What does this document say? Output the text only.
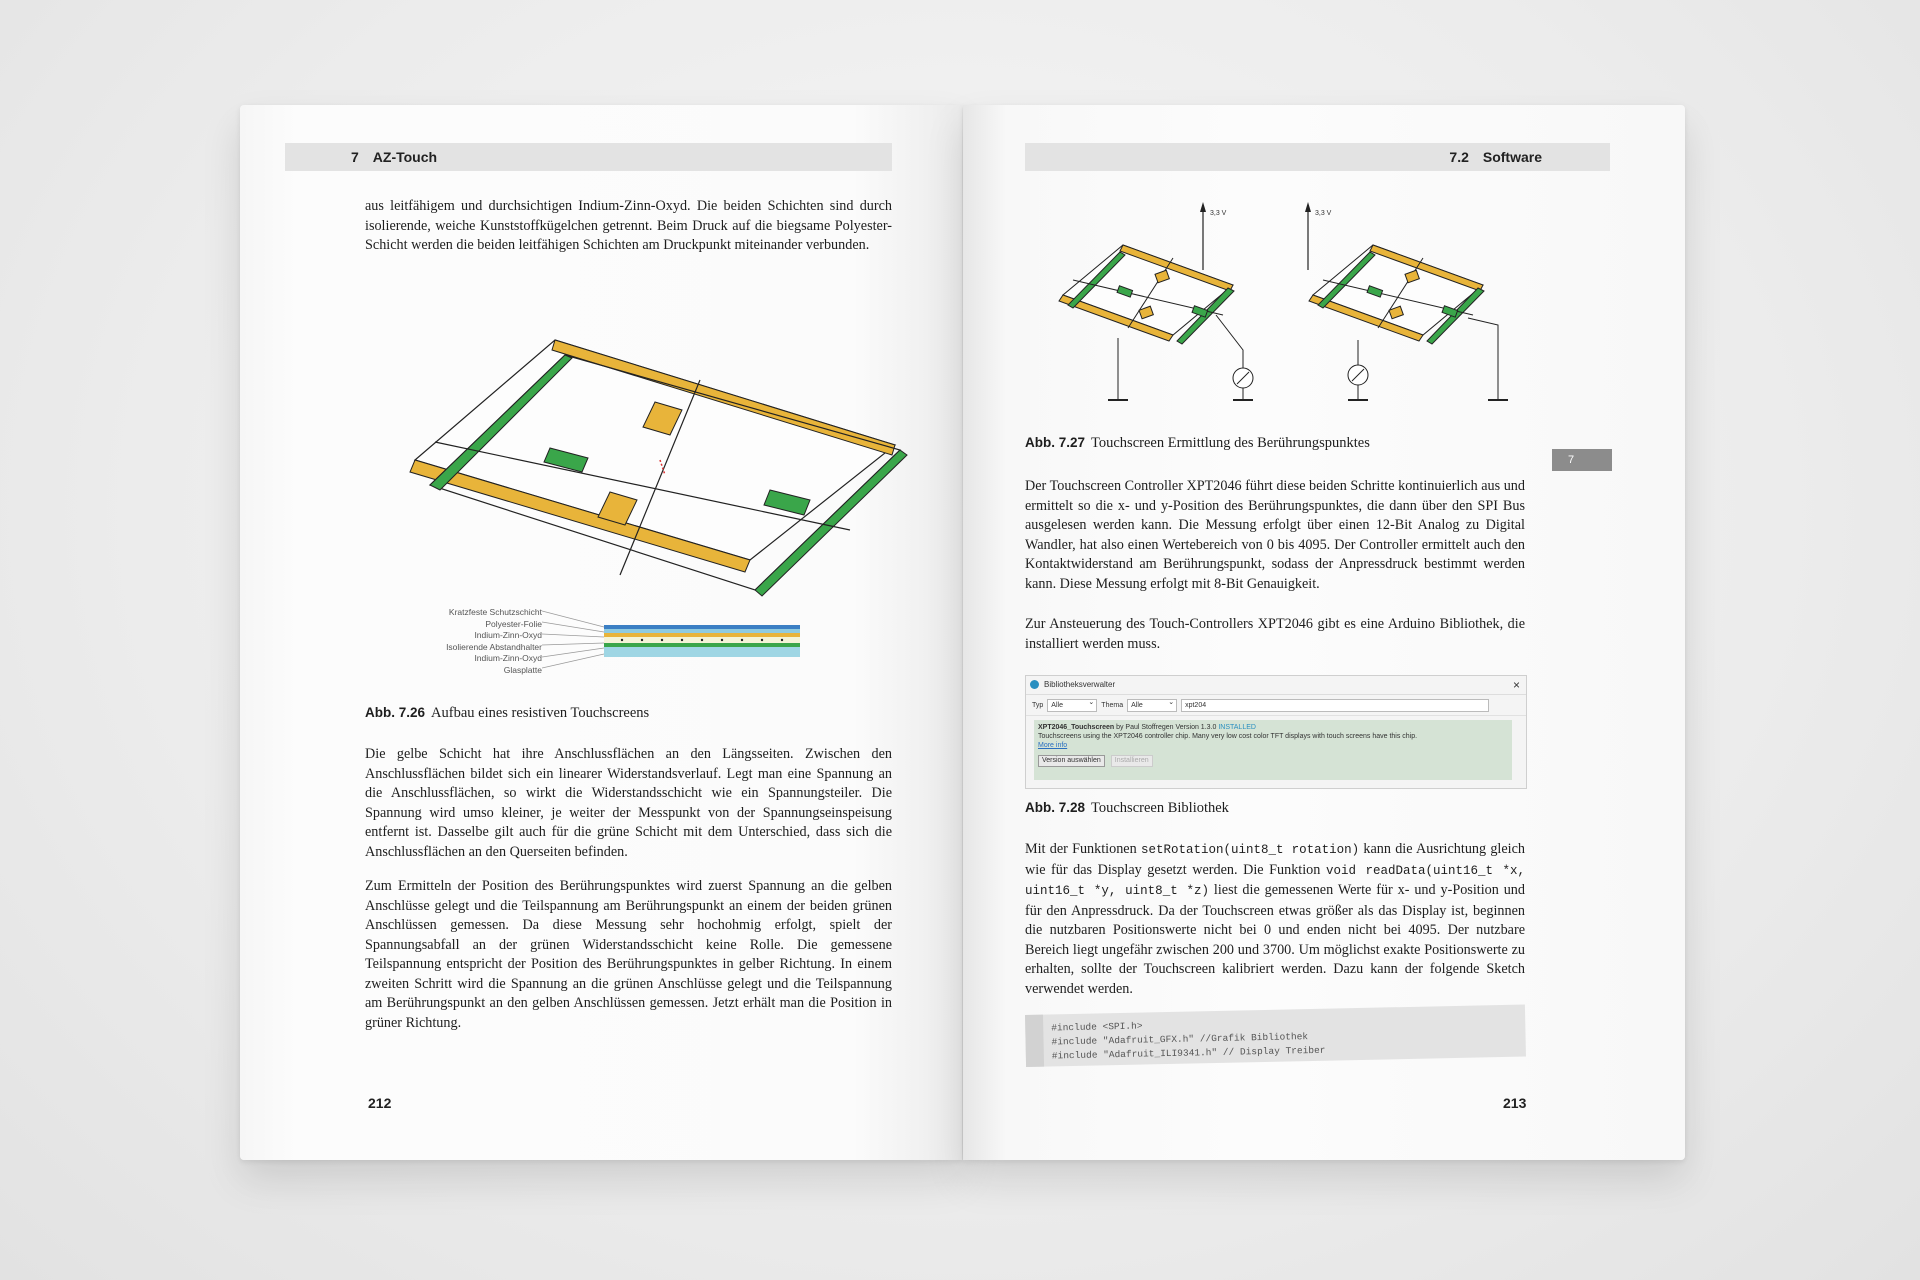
7 AZ-Touch

aus leitfähigem und durchsichtigen Indium-Zinn-Oxyd. Die beiden Schichten sind durch isolierende, weiche Kunststoffkügelchen getrennt. Beim Druck auf die biegsame Polyester-Schicht werden die beiden leitfähigen Schichten am Druckpunkt miteinander verbunden.

Kratzfeste Schutzschicht
Polyester-Folie
Indium-Zinn-Oxyd
Isolierende Abstandhalter
Indium-Zinn-Oxyd
Glasplatte

Abb. 7.26 Aufbau eines resistiven Touchscreens

Die gelbe Schicht hat ihre Anschlussflächen an den Längsseiten. Zwischen den Anschlussflächen bildet sich ein linearer Widerstandsverlauf. Legt man eine Spannung an die Anschlussflächen, so wirkt die Widerstandsschicht wie ein Spannungsteiler. Die Spannung wird umso kleiner, je weiter der Messpunkt von der Spannungseinspeisung entfernt ist. Dasselbe gilt auch für die grüne Schicht mit dem Unterschied, dass sich die Anschlussflächen an den Querseiten befinden.

Zum Ermitteln der Position des Berührungspunktes wird zuerst Spannung an die gelben Anschlüsse gelegt und die Teilspannung am Berührungspunkt an einem der beiden grünen Anschlüssen gemessen. Da diese Messung sehr hochohmig erfolgt, spielt der Spannungsabfall an der grünen Widerstandsschicht keine Rolle. Die gemessene Teilspannung entspricht der Position des Berührungspunktes in gelber Richtung. In einem zweiten Schritt wird die Spannung an die grünen Anschlüsse gelegt und die Teilspannung am Berührungspunkt an den gelben Anschlüssen gemessen. Jetzt erhält man die Position in grüner Richtung.

212
7.2 Software
3,3 V	3,3 V

Abb. 7.27 Touchscreen Ermittlung des Berührungspunktes

Der Touchscreen Controller XPT2046 führt diese beiden Schritte kontinuierlich aus und ermittelt so die x- und y-Position des Berührungspunktes, die dann über den SPI Bus ausgelesen werden kann. Die Messung erfolgt über einen 12-Bit Analog zu Digital Wandler, hat also einen Wertebereich von 0 bis 4095. Der Controller ermittelt auch den Kontaktwiderstand am Berührungspunkt, sodass der Anpressdruck bestimmt werden kann. Diese Messung erfolgt mit 8-Bit Genauigkeit.

Zur Ansteuerung des Touch-Controllers XPT2046 gibt es eine Arduino Bibliothek, die installiert werden muss.

Bibliotheksverwalter	×
Typ	Alle ⌄	Thema	Alle ⌄	xpt204
XPT2046_Touchscreen by Paul Stoffregen Version 1.3.0 INSTALLED
Touchscreens using the XPT2046 controller chip. Many very low cost color TFT displays with touch screens have this chip.
More info
Version auswählen	Installieren

Abb. 7.28 Touchscreen Bibliothek

Mit der Funktionen setRotation(uint8_t rotation) kann die Ausrichtung gleich wie für das Display gesetzt werden. Die Funktion void readData(uint16_t *x, uint16_t *y, uint8_t *z) liest die gemessenen Werte für x- und y-Position und für den Anpressdruck. Da der Touchscreen etwas größer als das Display ist, beginnen die nutzbaren Positionswerte nicht bei 0 und enden nicht bei 4095. Der nutzbare Bereich liegt ungefähr zwischen 200 und 3700. Um möglichst exakte Positionswerte zu erhalten, sollte der Touchscreen kalibriert werden. Dazu kann der folgende Sketch verwendet werden.

#include <SPI.h>
#include "Adafruit_GFX.h" //Grafik Bibliothek
#include "Adafruit_ILI9341.h" // Display Treiber
213
7
